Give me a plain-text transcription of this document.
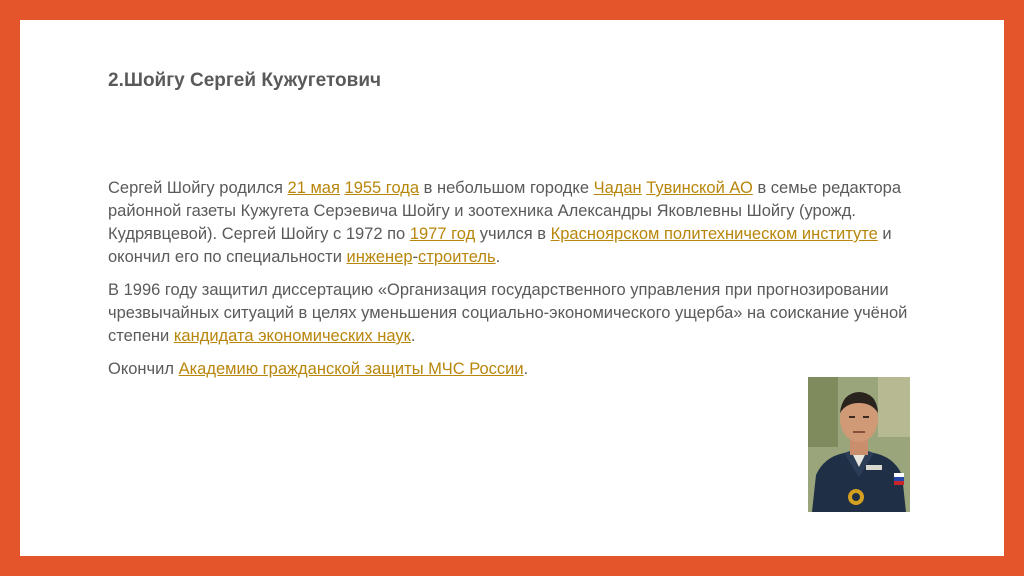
2.Шойгу Сергей Кужугетович

Сергей Шойгу родился 21 мая 1955 года в небольшом городке Чадан Тувинской АО в семье редактора районной газеты Кужугета Серэевича Шойгу и зоотехника Александры Яковлевны Шойгу (урожд. Кудрявцевой). Сергей Шойгу с 1972 по 1977 год учился в Красноярском политехническом институте и окончил его по специальности инженер-строитель.

В 1996 году защитил диссертацию «Организация государственного управления при прогнозировании чрезвычайных ситуаций в целях уменьшения социально-экономического ущерба» на соискание учёной степени кандидата экономических наук.

Окончил Академию гражданской защиты МЧС России.
